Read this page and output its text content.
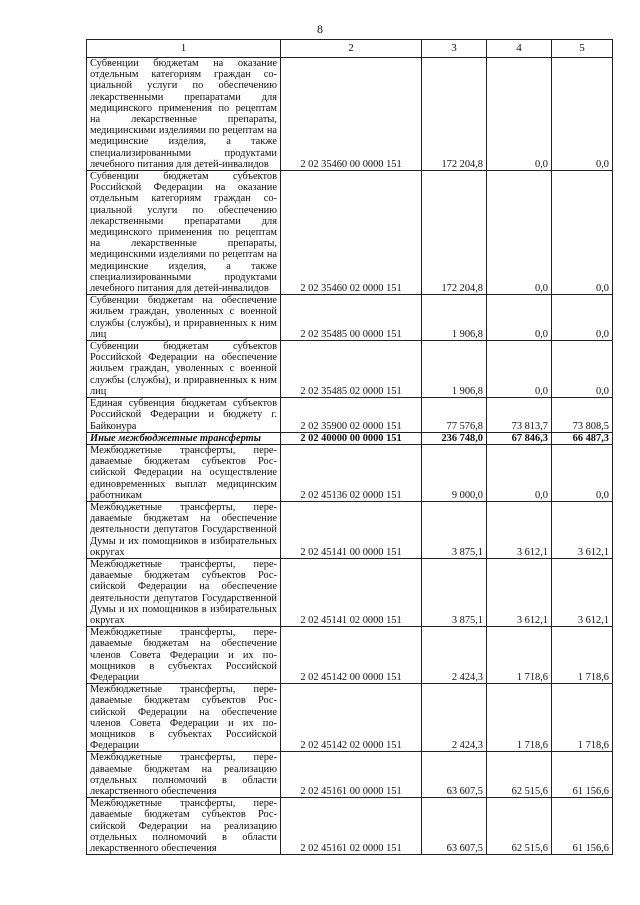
8
1	2	3	4	5
Субвенции бюджетам на оказание отдельным категориям граждан социальной услуги по обеспечению лекарственными препаратами для медицинского применения по рецептам на лекарственные препараты, медицинскими изделиями по рецептам на медицинские изделия, а также специализированными продуктами лечебного питания для детей-инвалидов	2 02 35460 00 0000 151	172 204,8	0,0	0,0
Субвенции бюджетам субъектов Российской Федерации на оказание отдельным категориям граждан социальной услуги по обеспечению лекарственными препаратами для медицинского применения по рецептам на лекарственные препараты, медицинскими изделиями по рецептам на медицинские изделия, а также специализированными продуктами лечебного питания для детей-инвалидов	2 02 35460 02 0000 151	172 204,8	0,0	0,0
Субвенции бюджетам на обеспечение жильем граждан, уволенных с военной службы (службы), и приравненных к ним лиц	2 02 35485 00 0000 151	1 906,8	0,0	0,0
Субвенции бюджетам субъектов Российской Федерации на обеспечение жильем граждан, уволенных с военной службы (службы), и приравненных к ним лиц	2 02 35485 02 0000 151	1 906,8	0,0	0,0
Единая субвенция бюджетам субъектов Российской Федерации и бюджету г. Байконура	2 02 35900 02 0000 151	77 576,8	73 813,7	73 808,5
Иные межбюджетные трансферты	2 02 40000 00 0000 151	236 748,0	67 846,3	66 487,3
Межбюджетные трансферты, передаваемые бюджетам субъектов Российской Федерации на осуществление единовременных выплат медицинским работникам	2 02 45136 02 0000 151	9 000,0	0,0	0,0
Межбюджетные трансферты, передаваемые бюджетам на обеспечение деятельности депутатов Государственной Думы и их помощников в избирательных округах	2 02 45141 00 0000 151	3 875,1	3 612,1	3 612,1
Межбюджетные трансферты, передаваемые бюджетам субъектов Российской Федерации на обеспечение деятельности депутатов Государственной Думы и их помощников в избирательных округах	2 02 45141 02 0000 151	3 875,1	3 612,1	3 612,1
Межбюджетные трансферты, передаваемые бюджетам на обеспечение членов Совета Федерации и их помощников в субъектах Российской Федерации	2 02 45142 00 0000 151	2 424,3	1 718,6	1 718,6
Межбюджетные трансферты, передаваемые бюджетам субъектов Российской Федерации на обеспечение членов Совета Федерации и их помощников в субъектах Российской Федерации	2 02 45142 02 0000 151	2 424,3	1 718,6	1 718,6
Межбюджетные трансферты, передаваемые бюджетам на реализацию отдельных полномочий в области лекарственного обеспечения	2 02 45161 00 0000 151	63 607,5	62 515,6	61 156,6
Межбюджетные трансферты, передаваемые бюджетам субъектов Российской Федерации на реализацию отдельных полномочий в области лекарственного обеспечения	2 02 45161 02 0000 151	63 607,5	62 515,6	61 156,6
